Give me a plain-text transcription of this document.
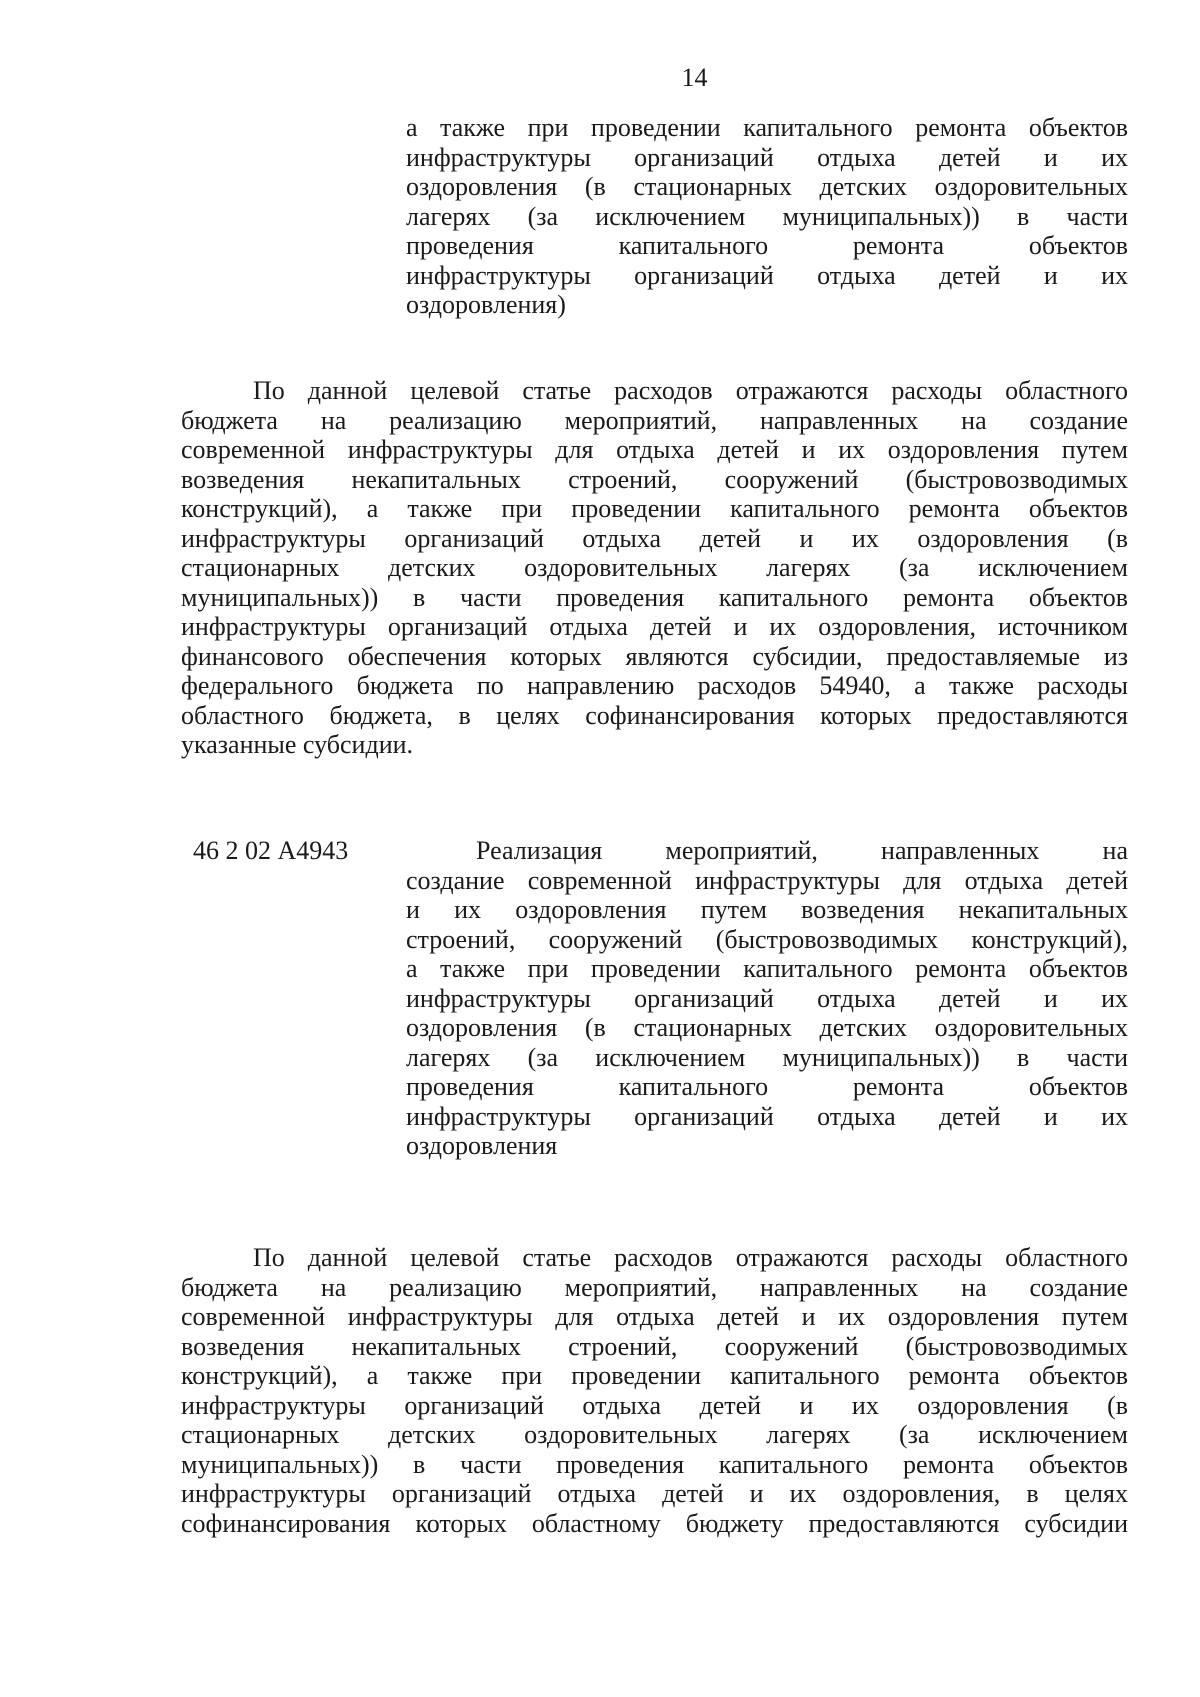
14
а также при проведении капитального ремонта объектов
инфраструктуры организаций отдыха детей и их
оздоровления (в стационарных детских оздоровительных
лагерях (за исключением муниципальных)) в части
проведения капитального ремонта объектов
инфраструктуры организаций отдыха детей и их
оздоровления)
По данной целевой статье расходов отражаются расходы областного
бюджета на реализацию мероприятий, направленных на создание
современной инфраструктуры для отдыха детей и их оздоровления путем
возведения некапитальных строений, сооружений (быстровозводимых
конструкций), а также при проведении капитального ремонта объектов
инфраструктуры организаций отдыха детей и их оздоровления (в
стационарных детских оздоровительных лагерях (за исключением
муниципальных)) в части проведения капитального ремонта объектов
инфраструктуры организаций отдыха детей и их оздоровления, источником
финансового обеспечения которых являются субсидии, предоставляемые из
федерального бюджета по направлению расходов 54940, а также расходы
областного бюджета, в целях софинансирования которых предоставляются
указанные субсидии.
46 2 02 А4943	Реализация мероприятий, направленных на
создание современной инфраструктуры для отдыха детей
и их оздоровления путем возведения некапитальных
строений, сооружений (быстровозводимых конструкций),
а также при проведении капитального ремонта объектов
инфраструктуры организаций отдыха детей и их
оздоровления (в стационарных детских оздоровительных
лагерях (за исключением муниципальных)) в части
проведения капитального ремонта объектов
инфраструктуры организаций отдыха детей и их
оздоровления
По данной целевой статье расходов отражаются расходы областного
бюджета на реализацию мероприятий, направленных на создание
современной инфраструктуры для отдыха детей и их оздоровления путем
возведения некапитальных строений, сооружений (быстровозводимых
конструкций), а также при проведении капитального ремонта объектов
инфраструктуры организаций отдыха детей и их оздоровления (в
стационарных детских оздоровительных лагерях (за исключением
муниципальных)) в части проведения капитального ремонта объектов
инфраструктуры организаций отдыха детей и их оздоровления, в целях
софинансирования которых областному бюджету предоставляются субсидии
